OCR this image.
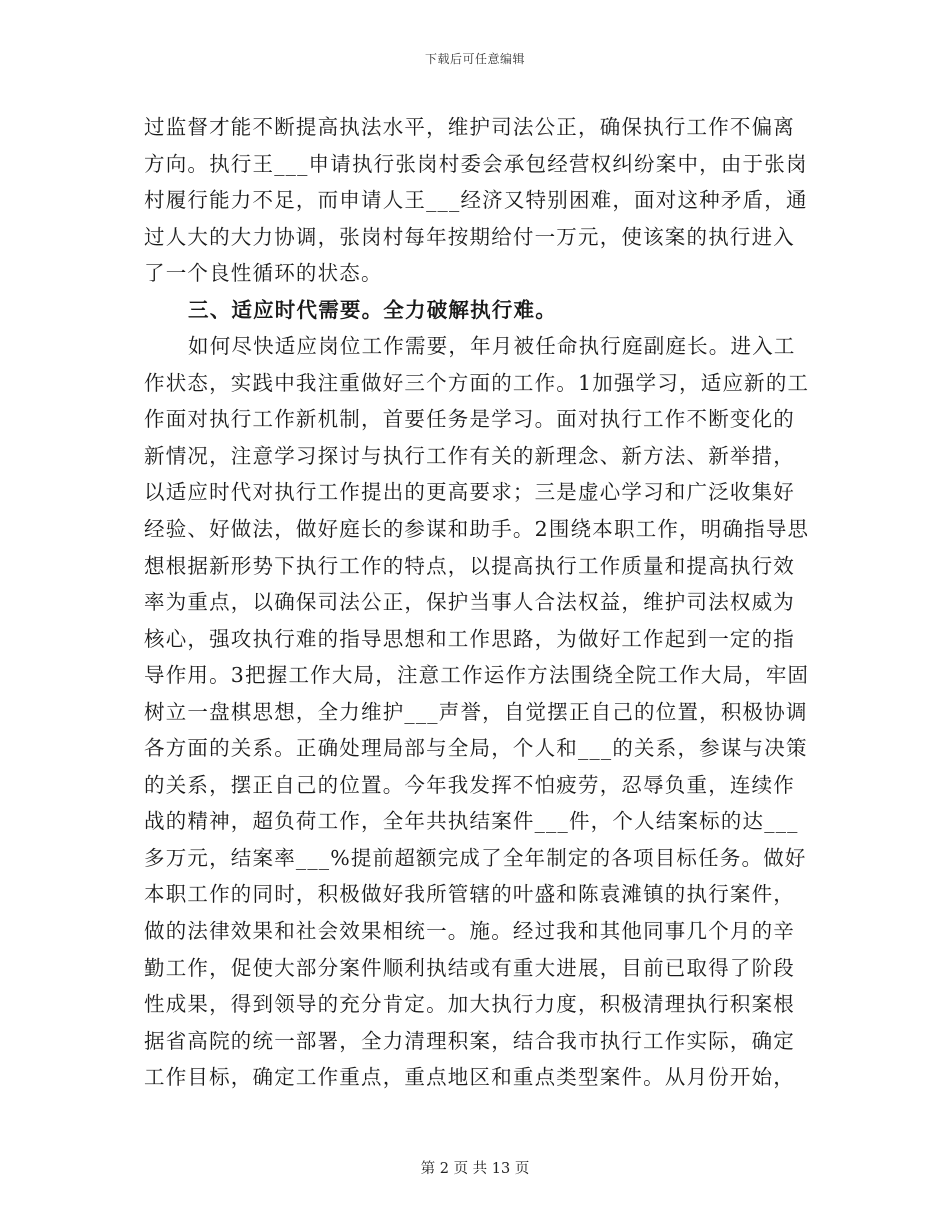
下载后可任意编辑
过监督才能不断提高执法水平，维护司法公正，确保执行工作不偏离
方向。执行王___申请执行张岗村委会承包经营权纠纷案中，由于张岗
村履行能力不足，而申请人王___经济又特别困难，面对这种矛盾，通
过人大的大力协调，张岗村每年按期给付一万元，使该案的执行进入
了一个良性循环的状态。
三、适应时代需要。全力破解执行难。
如何尽快适应岗位工作需要，年月被任命执行庭副庭长。进入工
作状态，实践中我注重做好三个方面的工作。1加强学习，适应新的工
作面对执行工作新机制，首要任务是学习。面对执行工作不断变化的
新情况，注意学习探讨与执行工作有关的新理念、新方法、新举措，
以适应时代对执行工作提出的更高要求；三是虚心学习和广泛收集好
经验、好做法，做好庭长的参谋和助手。2围绕本职工作，明确指导思
想根据新形势下执行工作的特点，以提高执行工作质量和提高执行效
率为重点，以确保司法公正，保护当事人合法权益，维护司法权威为
核心，强攻执行难的指导思想和工作思路，为做好工作起到一定的指
导作用。3把握工作大局，注意工作运作方法围绕全院工作大局，牢固
树立一盘棋思想，全力维护___声誉，自觉摆正自己的位置，积极协调
各方面的关系。正确处理局部与全局，个人和___的关系，参谋与决策
的关系，摆正自己的位置。今年我发挥不怕疲劳，忍辱负重，连续作
战的精神，超负荷工作，全年共执结案件___件，个人结案标的达___
多万元，结案率___%提前超额完成了全年制定的各项目标任务。做好
本职工作的同时，积极做好我所管辖的叶盛和陈袁滩镇的执行案件，
做的法律效果和社会效果相统一。施。经过我和其他同事几个月的辛
勤工作，促使大部分案件顺利执结或有重大进展，目前已取得了阶段
性成果，得到领导的充分肯定。加大执行力度，积极清理执行积案根
据省高院的统一部署，全力清理积案，结合我市执行工作实际，确定
工作目标，确定工作重点，重点地区和重点类型案件。从月份开始，
第 2 页 共 13 页
